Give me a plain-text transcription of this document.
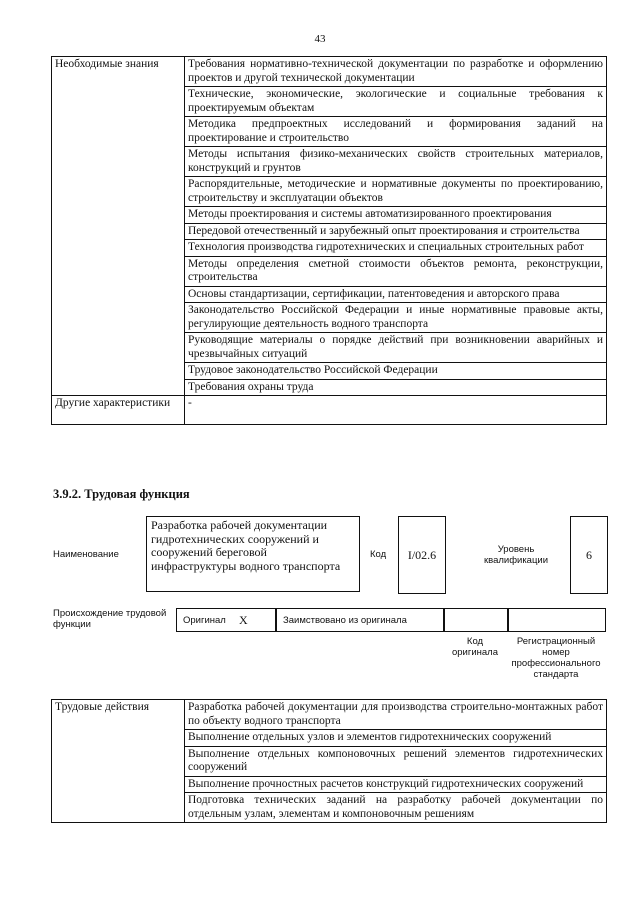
43
Необходимые знания	Требования нормативно-технической документации по разработке и оформлению проектов и другой технической документации
	Технические, экономические, экологические и социальные требования к проектируемым объектам
	Методика предпроектных исследований и формирования заданий на проектирование и строительство
	Методы испытания физико-механических свойств строительных материалов, конструкций и грунтов
	Распорядительные, методические и нормативные документы по проектированию, строительству и эксплуатации объектов
	Методы проектирования и системы автоматизированного проектирования
	Передовой отечественный и зарубежный опыт проектирования и строительства
	Технология производства гидротехнических и специальных строительных работ
	Методы определения сметной стоимости объектов ремонта, реконструкции, строительства
	Основы стандартизации, сертификации, патентоведения и авторского права
	Законодательство Российской Федерации и иные нормативные правовые акты, регулирующие деятельность водного транспорта
	Руководящие материалы о порядке действий при возникновении аварийных и чрезвычайных ситуаций
	Трудовое законодательство Российской Федерации
	Требования охраны труда
Другие характеристики	-
3.9.2. Трудовая функция
Наименование
Разработка рабочей документации гидротехнических сооружений и сооружений береговой инфраструктуры водного транспорта
Код	I/02.6	Уровень квалификации	6
Происхождение трудовой функции	Оригинал X	Заимствовано из оригинала
Код оригинала
Регистрационный номер профессионального стандарта
Трудовые действия	Разработка рабочей документации для производства строительно-монтажных работ по объекту водного транспорта
Выполнение отдельных узлов и элементов гидротехнических сооружений
Выполнение отдельных компоновочных решений элементов гидротехнических сооружений
Выполнение прочностных расчетов конструкций гидротехнических сооружений
Подготовка технических заданий на разработку рабочей документации по отдельным узлам, элементам и компоновочным решениям
